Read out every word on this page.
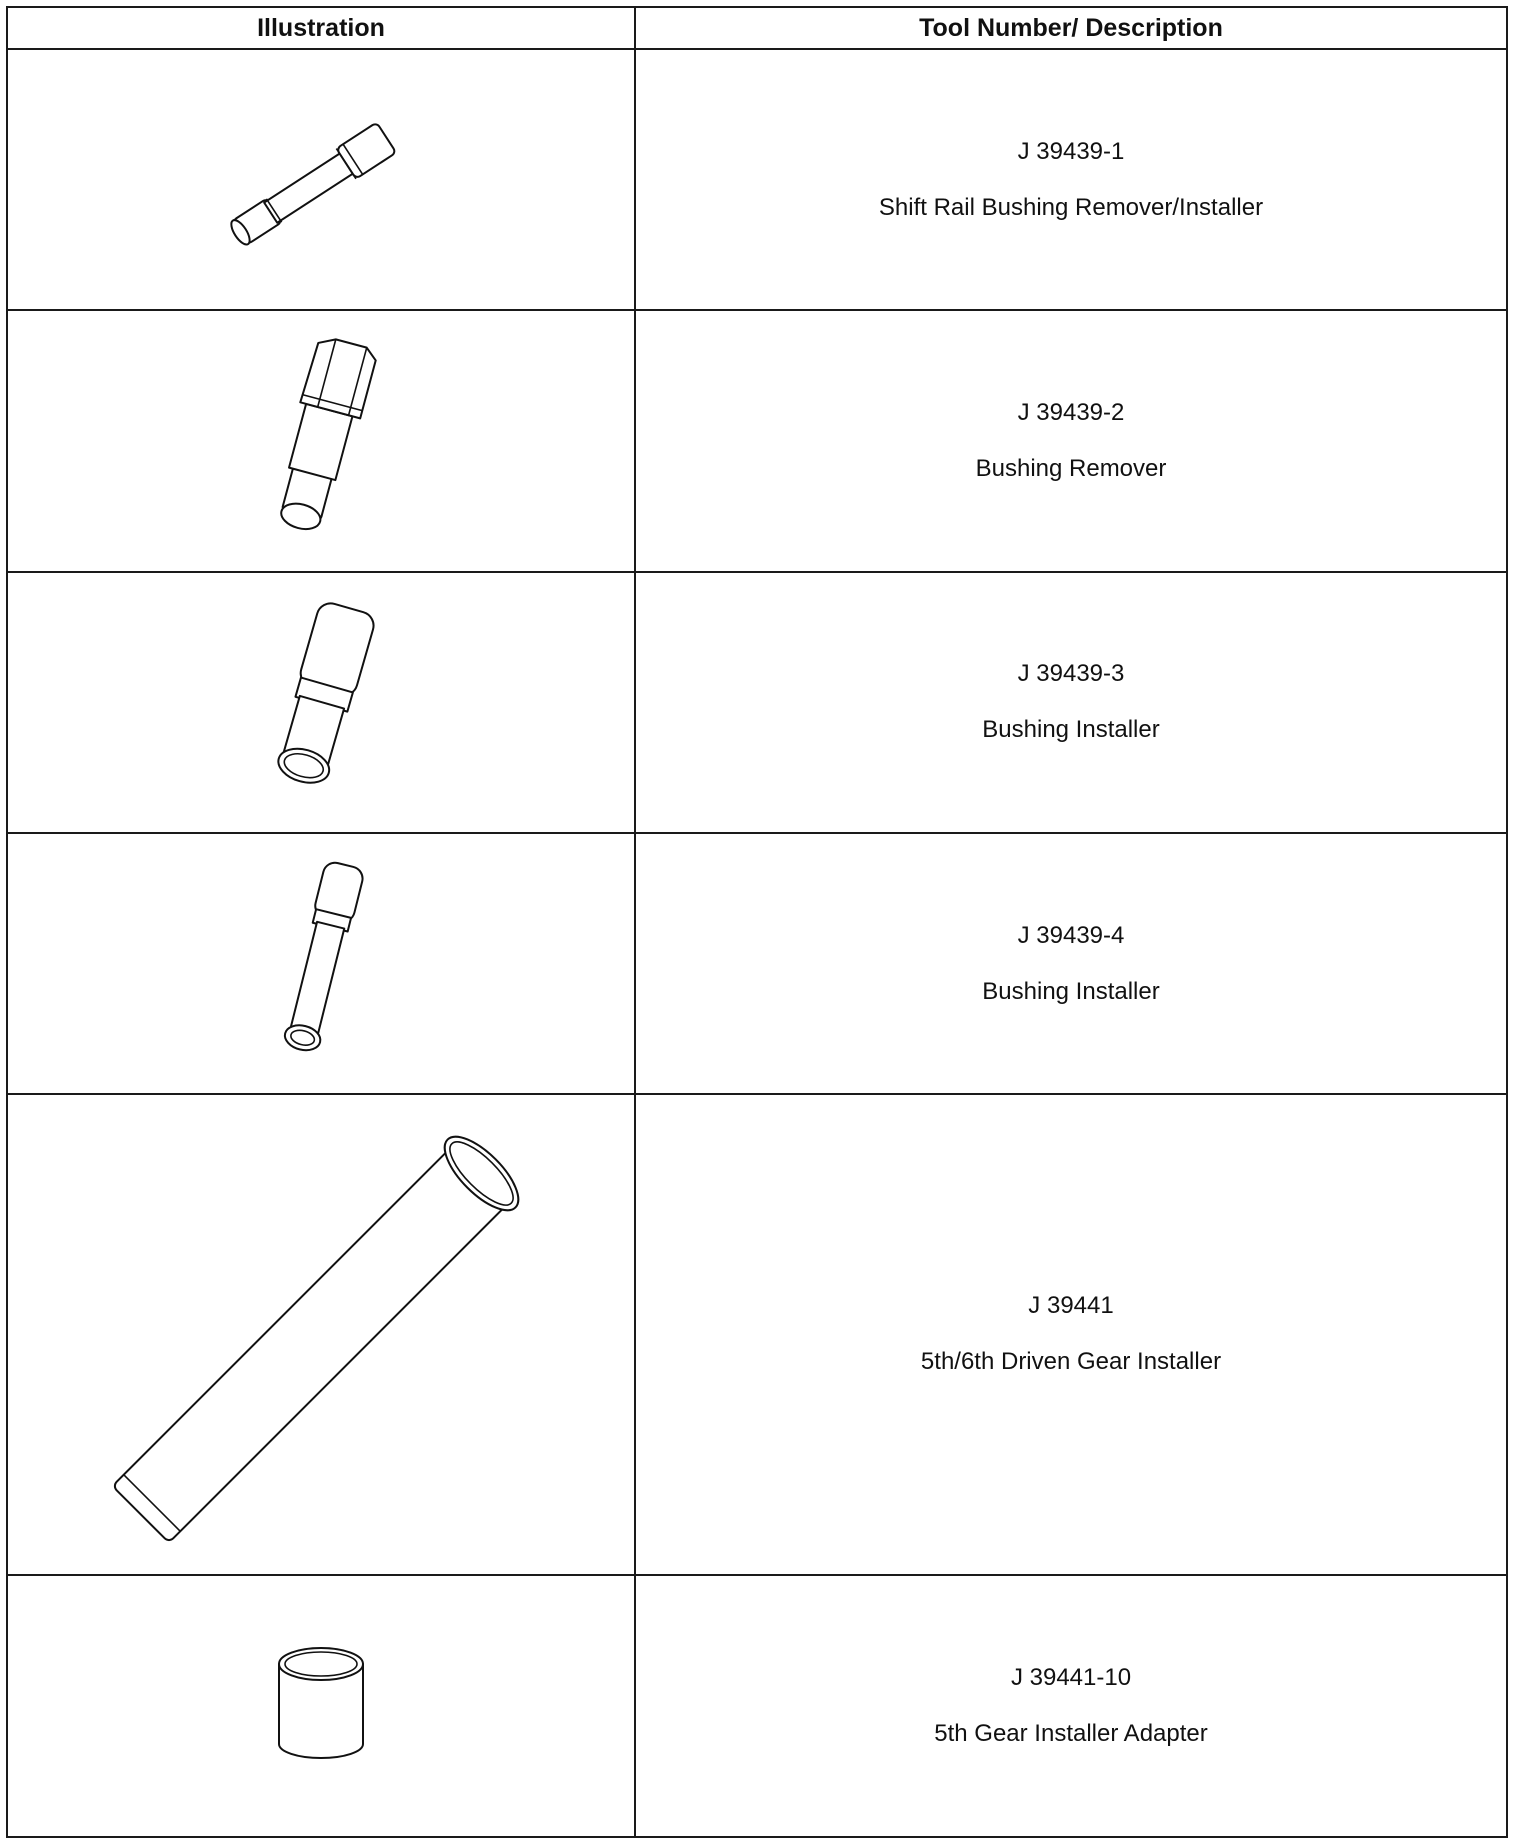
Illustration	Tool Number/ Description

J 39439-1
Shift Rail Bushing Remover/Installer

J 39439-2
Bushing Remover

J 39439-3
Bushing Installer

J 39439-4
Bushing Installer

J 39441
5th/6th Driven Gear Installer

J 39441-10
5th Gear Installer Adapter
